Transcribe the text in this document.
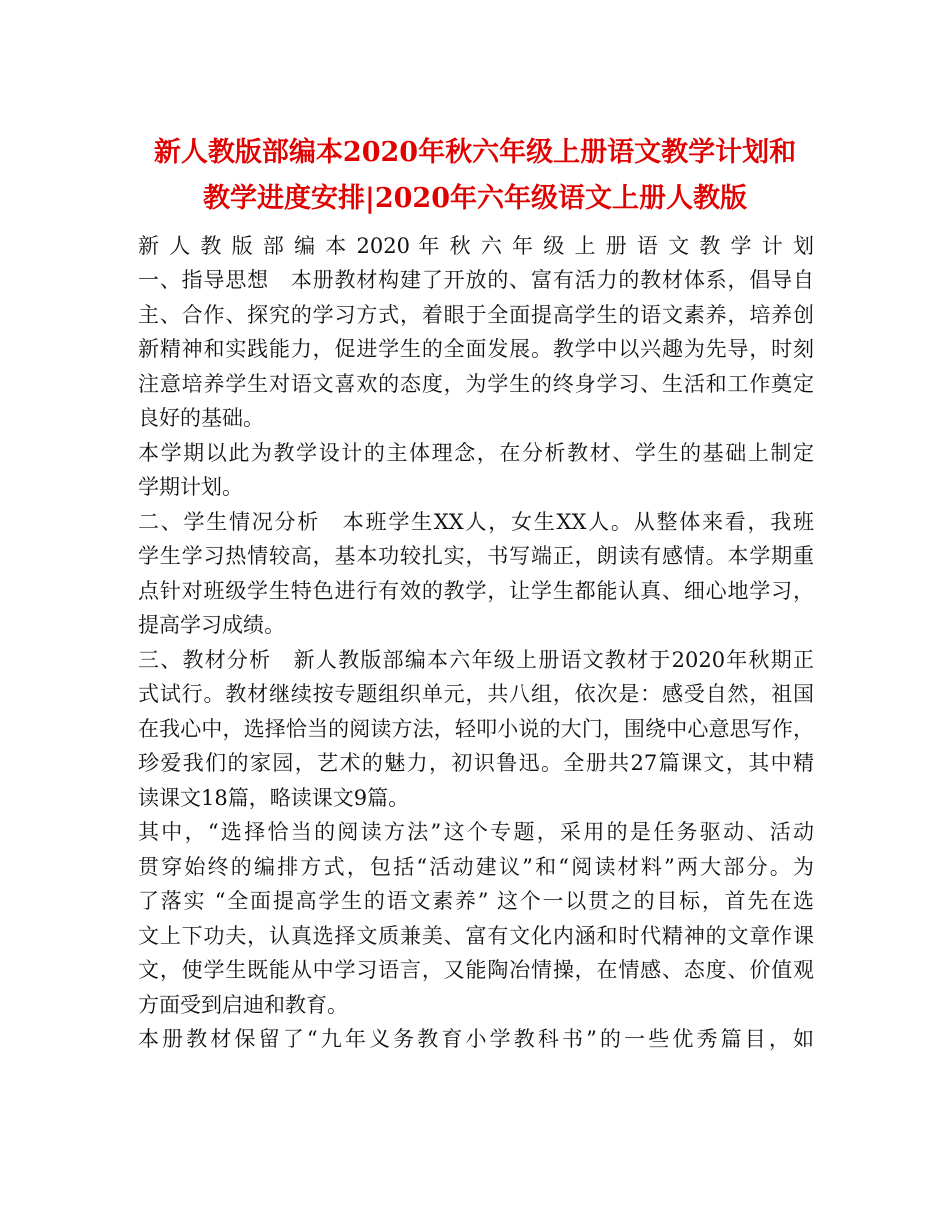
新人教版部编本2020年秋六年级上册语文教学计划和
教学进度安排|2020年六年级语文上册人教版
新 人 教 版 部 编 本 2020 年 秋 六 年 级 上 册 语 文 教 学 计 划
一、指导思想　本册教材构建了开放的、富有活力的教材体系，倡导自
主、合作、探究的学习方式，着眼于全面提高学生的语文素养，培养创
新精神和实践能力，促进学生的全面发展。教学中以兴趣为先导，时刻
注意培养学生对语文喜欢的态度，为学生的终身学习、生活和工作奠定
良好的基础。
本学期以此为教学设计的主体理念，在分析教材、学生的基础上制定
学期计划。
二、学生情况分析　本班学生XX人，女生XX人。从整体来看，我班
学生学习热情较高，基本功较扎实，书写端正，朗读有感情。本学期重
点针对班级学生特色进行有效的教学，让学生都能认真、细心地学习，
提高学习成绩。
三、教材分析　新人教版部编本六年级上册语文教材于2020年秋期正
式试行。教材继续按专题组织单元，共八组，依次是：感受自然，祖国
在我心中，选择恰当的阅读方法，轻叩小说的大门，围绕中心意思写作，
珍爱我们的家园，艺术的魅力，初识鲁迅。全册共27篇课文，其中精
读课文18篇，略读课文9篇。
其中，“选择恰当的阅读方法”这个专题，采用的是任务驱动、活动
贯穿始终的编排方式，包括“活动建议”和“阅读材料”两大部分。为
了落实 “全面提高学生的语文素养” 这个一以贯之的目标，首先在选
文上下功夫，认真选择文质兼美、富有文化内涵和时代精神的文章作课
文，使学生既能从中学习语言，又能陶冶情操，在情感、态度、价值观
方面受到启迪和教育。
本册教材保留了“九年义务教育小学教科书”的一些优秀篇目，如
